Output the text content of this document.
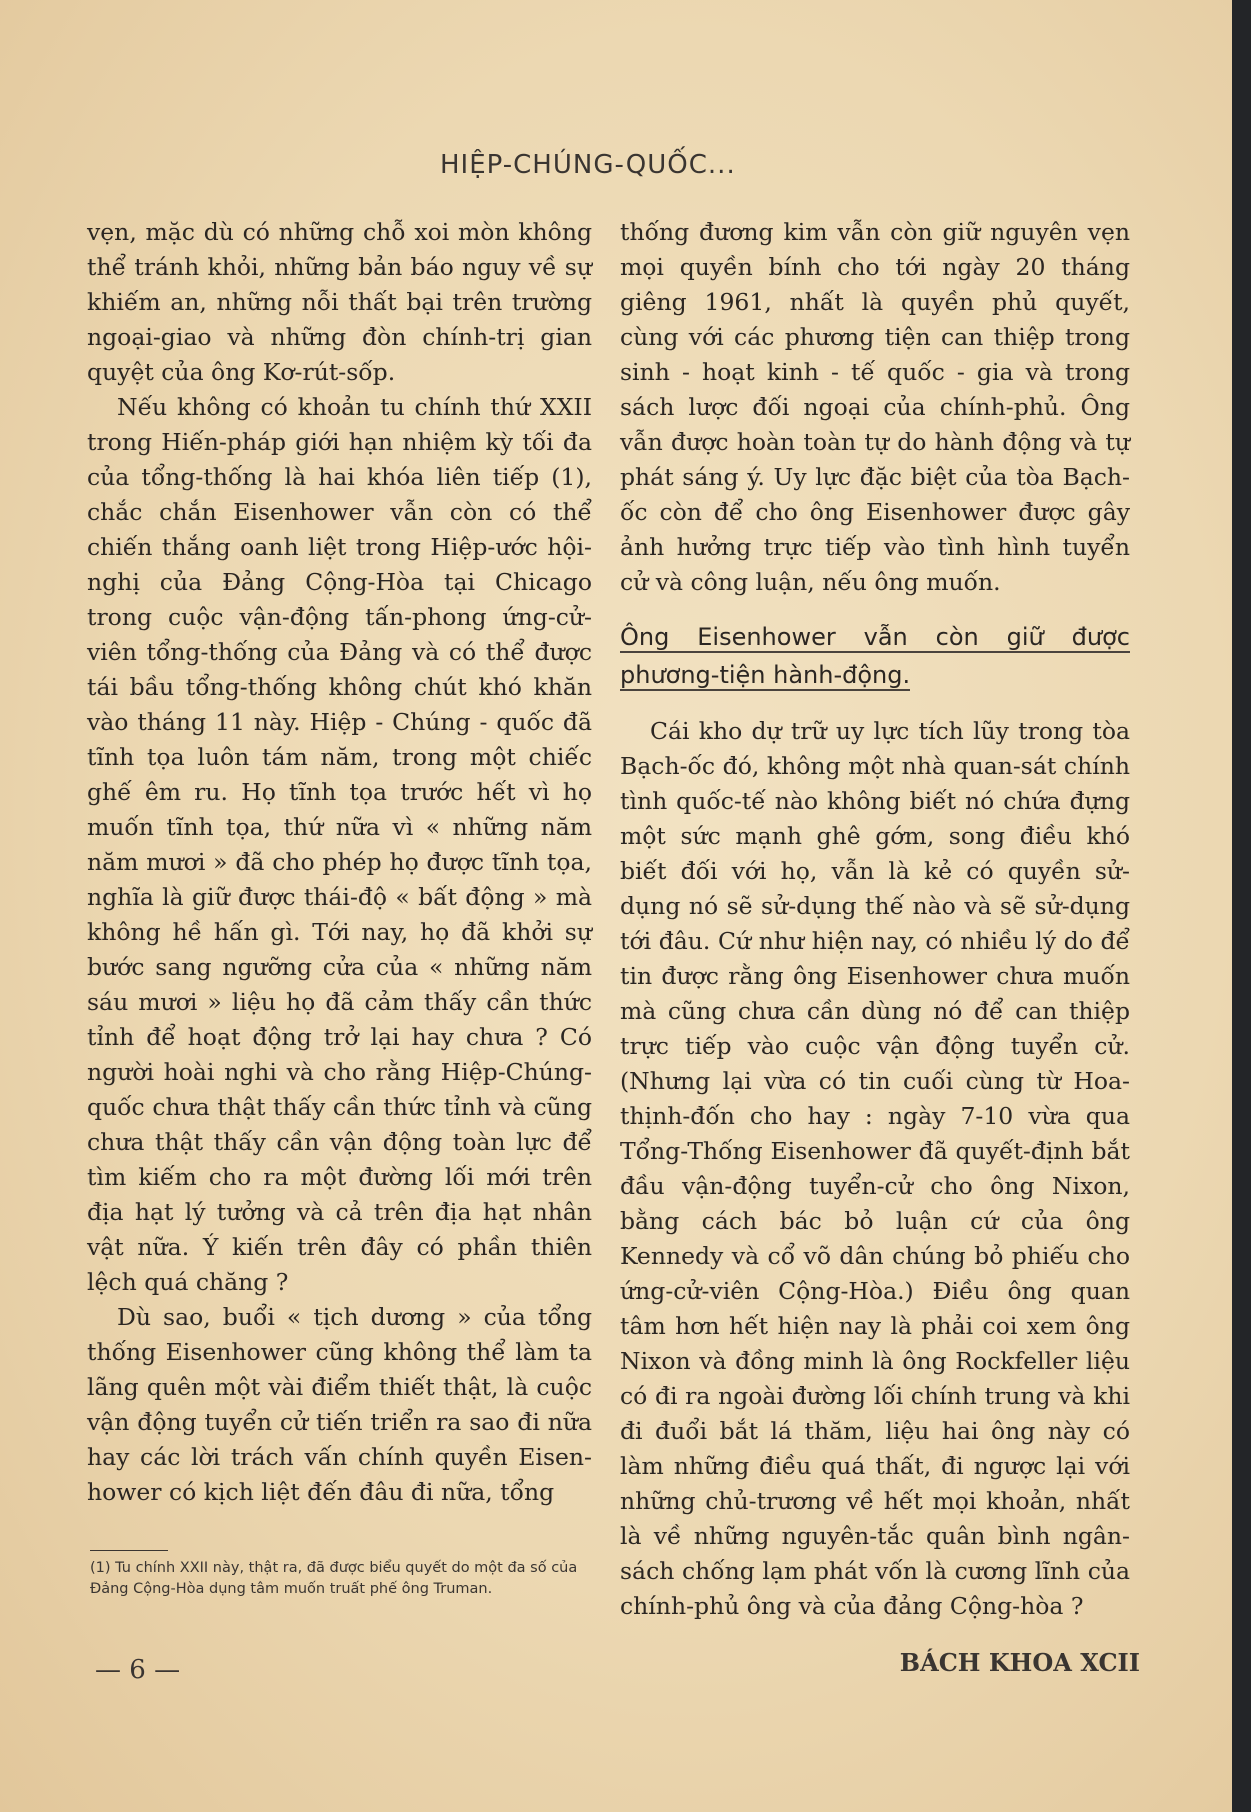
HIỆP-CHÚNG-QUỐC...

vẹn, mặc dù có những chỗ xoi mòn không thể tránh khỏi, những bản báo nguy về sự khiếm an, những nỗi thất bại trên trường ngoại-giao và những đòn chính-trị gian quyệt của ông Kơ-rút-sốp.

Nếu không có khoản tu chính thứ XXII trong Hiến-pháp giới hạn nhiệm kỳ tối đa của tổng-thống là hai khóa liên tiếp (1), chắc chắn Eisenhower vẫn còn có thể chiến thắng oanh liệt trong Hiệp-ước hội-nghị của Đảng Cộng-Hòa tại Chicago trong cuộc vận-động tấn-phong ứng-cử-viên tổng-thống của Đảng và có thể được tái bầu tổng-thống không chút khó khăn vào tháng 11 này. Hiệp - Chúng - quốc đã tĩnh tọa luôn tám năm, trong một chiếc ghế êm ru. Họ tĩnh tọa trước hết vì họ muốn tĩnh tọa, thứ nữa vì « những năm năm mươi » đã cho phép họ được tĩnh tọa, nghĩa là giữ được thái-độ « bất động » mà không hề hấn gì. Tới nay, họ đã khởi sự bước sang ngưỡng cửa của « những năm sáu mươi » liệu họ đã cảm thấy cần thức tỉnh để hoạt động trở lại hay chưa ? Có người hoài nghi và cho rằng Hiệp-Chúng-quốc chưa thật thấy cần thức tỉnh và cũng chưa thật thấy cần vận động toàn lực để tìm kiếm cho ra một đường lối mới trên địa hạt lý tưởng và cả trên địa hạt nhân vật nữa. Ý kiến trên đây có phần thiên lệch quá chăng ?

Dù sao, buổi « tịch dương » của tổng thống Eisenhower cũng không thể làm ta lãng quên một vài điểm thiết thật, là cuộc vận động tuyển cử tiến triển ra sao đi nữa hay các lời trách vấn chính quyền Eisen-hower có kịch liệt đến đâu đi nữa, tổng

thống đương kim vẫn còn giữ nguyên vẹn mọi quyền bính cho tới ngày 20 tháng giêng 1961, nhất là quyền phủ quyết, cùng với các phương tiện can thiệp trong sinh - hoạt kinh - tế quốc - gia và trong sách lược đối ngoại của chính-phủ. Ông vẫn được hoàn toàn tự do hành động và tự phát sáng ý. Uy lực đặc biệt của tòa Bạch-ốc còn để cho ông Eisenhower được gây ảnh hưởng trực tiếp vào tình hình tuyển cử và công luận, nếu ông muốn.

Ông Eisenhower vẫn còn giữ được phương-tiện hành-động.

Cái kho dự trữ uy lực tích lũy trong tòa Bạch-ốc đó, không một nhà quan-sát chính tình quốc-tế nào không biết nó chứa đựng một sức mạnh ghê gớm, song điều khó biết đối với họ, vẫn là kẻ có quyền sử-dụng nó sẽ sử-dụng thế nào và sẽ sử-dụng tới đâu. Cứ như hiện nay, có nhiều lý do để tin được rằng ông Eisenhower chưa muốn mà cũng chưa cần dùng nó để can thiệp trực tiếp vào cuộc vận động tuyển cử. (Nhưng lại vừa có tin cuối cùng từ Hoa-thịnh-đốn cho hay : ngày 7-10 vừa qua Tổng-Thống Eisenhower đã quyết-định bắt đầu vận-động tuyển-cử cho ông Nixon, bằng cách bác bỏ luận cứ của ông Kennedy và cổ võ dân chúng bỏ phiếu cho ứng-cử-viên Cộng-Hòa.) Điều ông quan tâm hơn hết hiện nay là phải coi xem ông Nixon và đồng minh là ông Rockfeller liệu có đi ra ngoài đường lối chính trung và khi đi đuổi bắt lá thăm, liệu hai ông này có làm những điều quá thất, đi ngược lại với những chủ-trương về hết mọi khoản, nhất là về những nguyên-tắc quân bình ngân-sách chống lạm phát vốn là cương lĩnh của chính-phủ ông và của đảng Cộng-hòa ?

(1) Tu chính XXII này, thật ra, đã được biểu quyết do một đa số của Đảng Cộng-Hòa dụng tâm muốn truất phế ông Truman.
— 6 —	BÁCH KHOA XCII
